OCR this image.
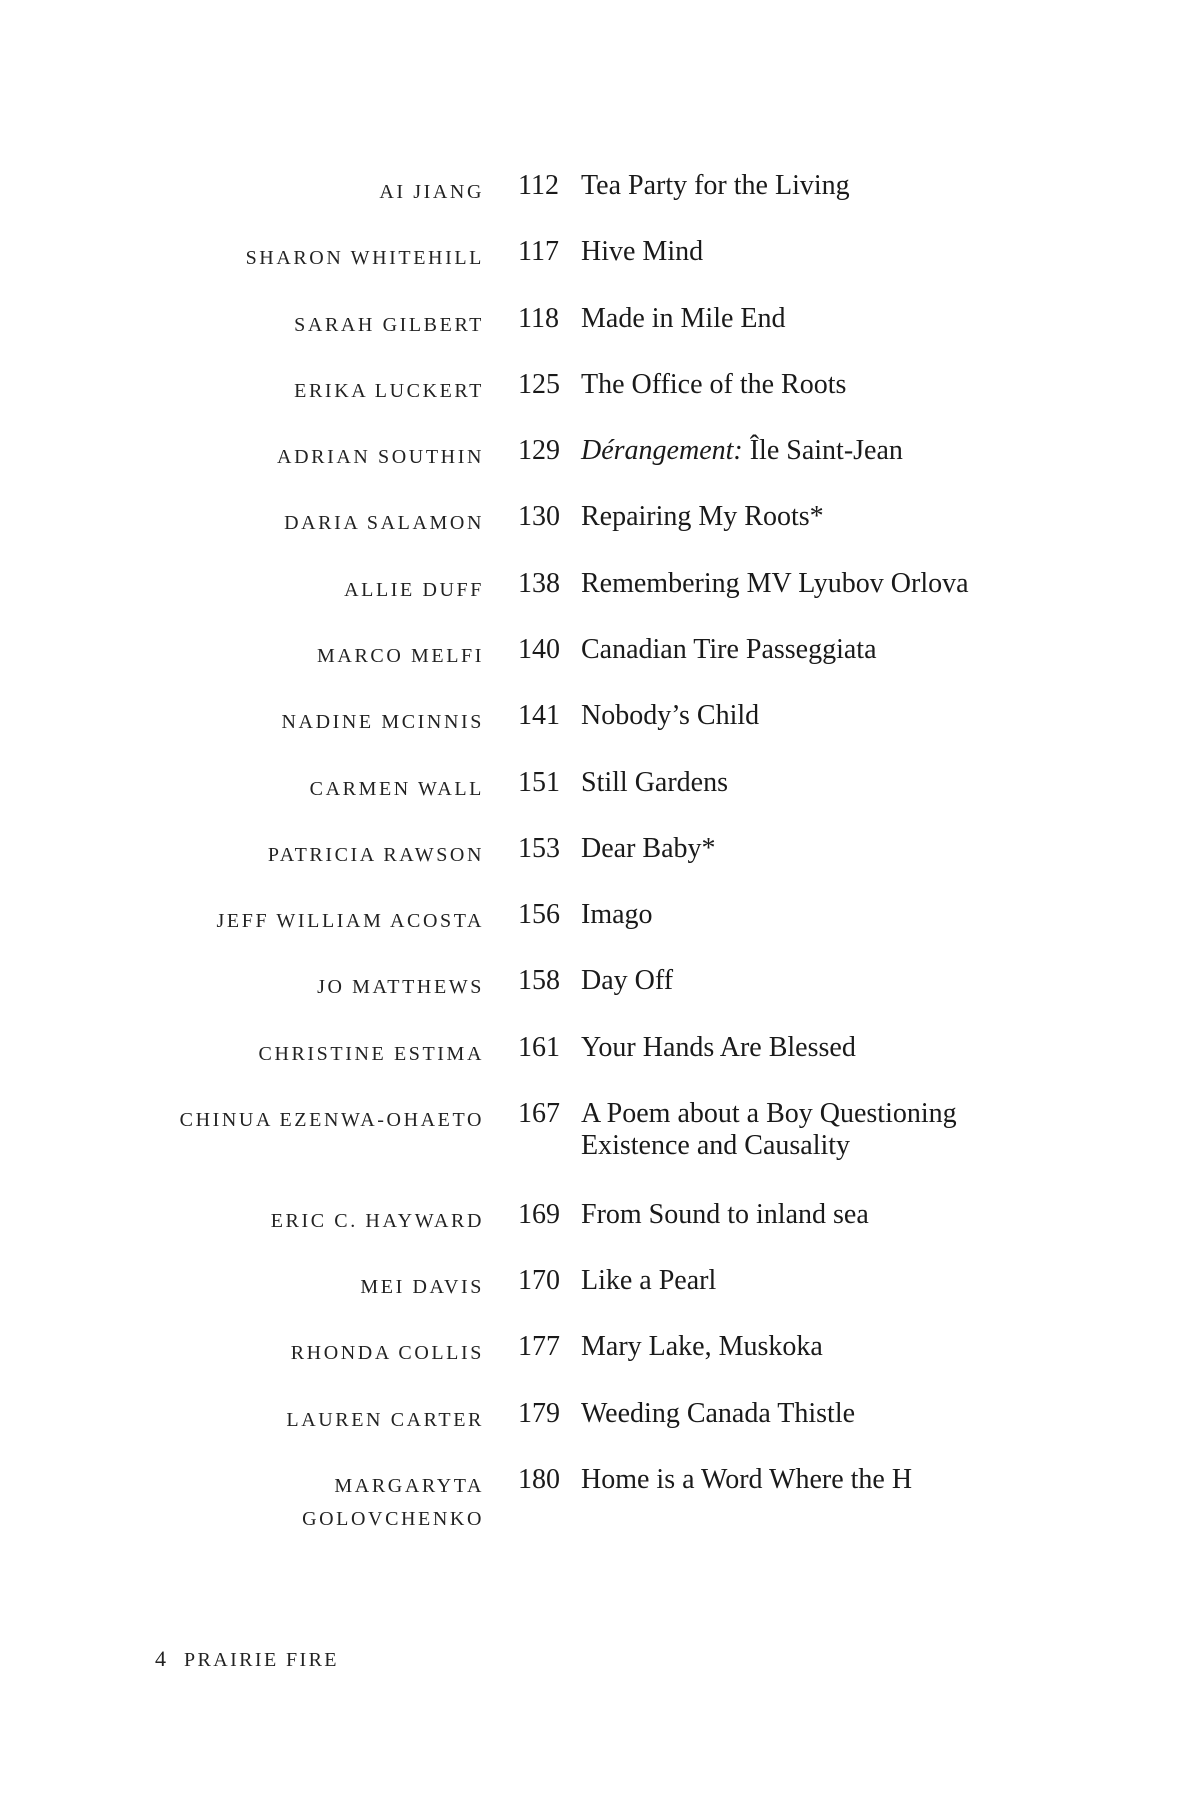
AI JIANG 112 Tea Party for the Living
SHARON WHITEHILL 117 Hive Mind
SARAH GILBERT 118 Made in Mile End
ERIKA LUCKERT 125 The Office of the Roots
ADRIAN SOUTHIN 129 Dérangement: Île Saint-Jean
DARIA SALAMON 130 Repairing My Roots*
ALLIE DUFF 138 Remembering MV Lyubov Orlova
MARCO MELFI 140 Canadian Tire Passeggiata
NADINE MCINNIS 141 Nobody’s Child
CARMEN WALL 151 Still Gardens
PATRICIA RAWSON 153 Dear Baby*
JEFF WILLIAM ACOSTA 156 Imago
JO MATTHEWS 158 Day Off
CHRISTINE ESTIMA 161 Your Hands Are Blessed
CHINUA EZENWA-OHAETO 167 A Poem about a Boy Questioning Existence and Causality
ERIC C. HAYWARD 169 From Sound to inland sea
MEI DAVIS 170 Like a Pearl
RHONDA COLLIS 177 Mary Lake, Muskoka
LAUREN CARTER 179 Weeding Canada Thistle
MARGARYTA GOLOVCHENKO
180 Home is a Word Where the H
4 PRAIRIE FIRE
